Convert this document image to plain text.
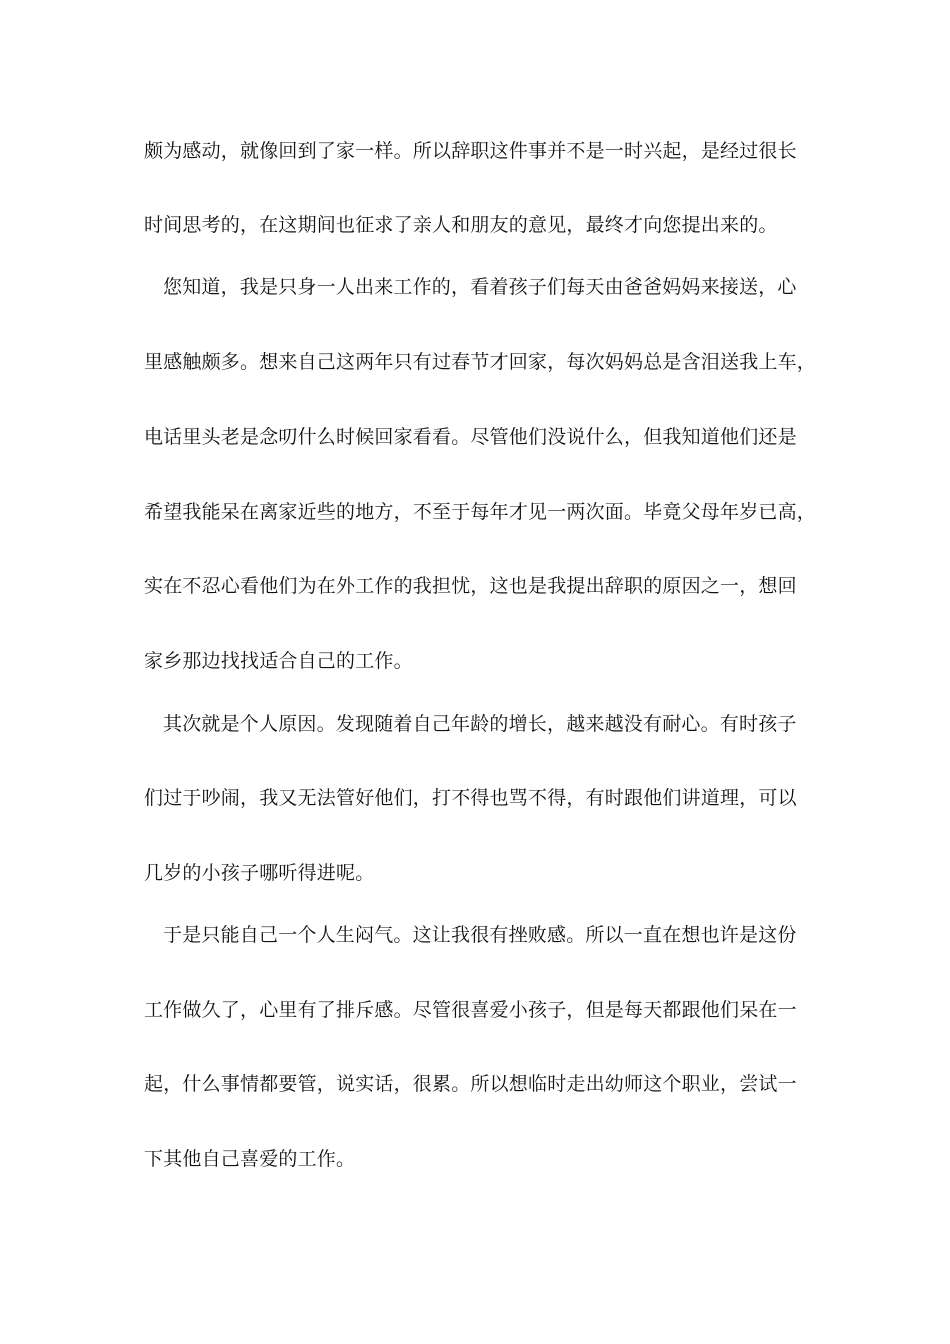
颇为感动，就像回到了家一样。所以辞职这件事并不是一时兴起，是经过很长
时间思考的，在这期间也征求了亲人和朋友的意见，最终才向您提出来的。
您知道，我是只身一人出来工作的，看着孩子们每天由爸爸妈妈来接送，心
里感触颇多。想来自己这两年只有过春节才回家，每次妈妈总是含泪送我上车，
电话里头老是念叨什么时候回家看看。尽管他们没说什么，但我知道他们还是
希望我能呆在离家近些的地方，不至于每年才见一两次面。毕竟父母年岁已高，
实在不忍心看他们为在外工作的我担忧，这也是我提出辞职的原因之一，想回
家乡那边找找适合自己的工作。
其次就是个人原因。发现随着自己年龄的增长，越来越没有耐心。有时孩子
们过于吵闹，我又无法管好他们，打不得也骂不得，有时跟他们讲道理，可以
几岁的小孩子哪听得进呢。
于是只能自己一个人生闷气。这让我很有挫败感。所以一直在想也许是这份
工作做久了，心里有了排斥感。尽管很喜爱小孩子，但是每天都跟他们呆在一
起，什么事情都要管，说实话，很累。所以想临时走出幼师这个职业，尝试一
下其他自己喜爱的工作。
